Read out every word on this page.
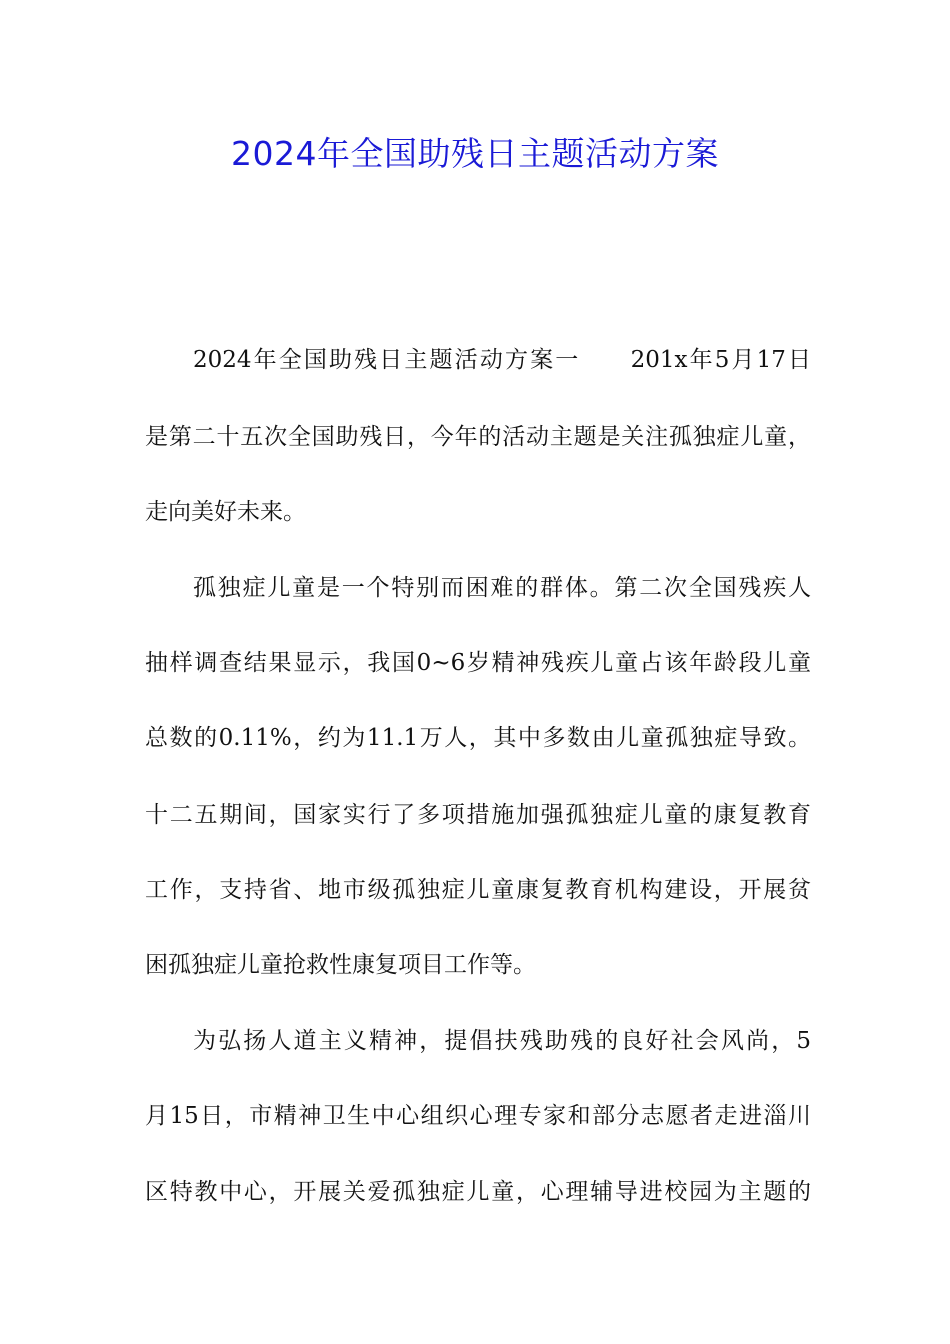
2024年全国助残日主题活动方案
2024年全国助残日主题活动方案一　　201x年5月17日
是第二十五次全国助残日，今年的活动主题是关注孤独症儿童，
走向美好未来。
孤独症儿童是一个特别而困难的群体。第二次全国残疾人
抽样调查结果显示，我国0~6岁精神残疾儿童占该年龄段儿童
总数的0.11%，约为11.1万人，其中多数由儿童孤独症导致。
十二五期间，国家实行了多项措施加强孤独症儿童的康复教育
工作，支持省、地市级孤独症儿童康复教育机构建设，开展贫
困孤独症儿童抢救性康复项目工作等。
为弘扬人道主义精神，提倡扶残助残的良好社会风尚，5
月15日，市精神卫生中心组织心理专家和部分志愿者走进淄川
区特教中心，开展关爱孤独症儿童，心理辅导进校园为主题的
